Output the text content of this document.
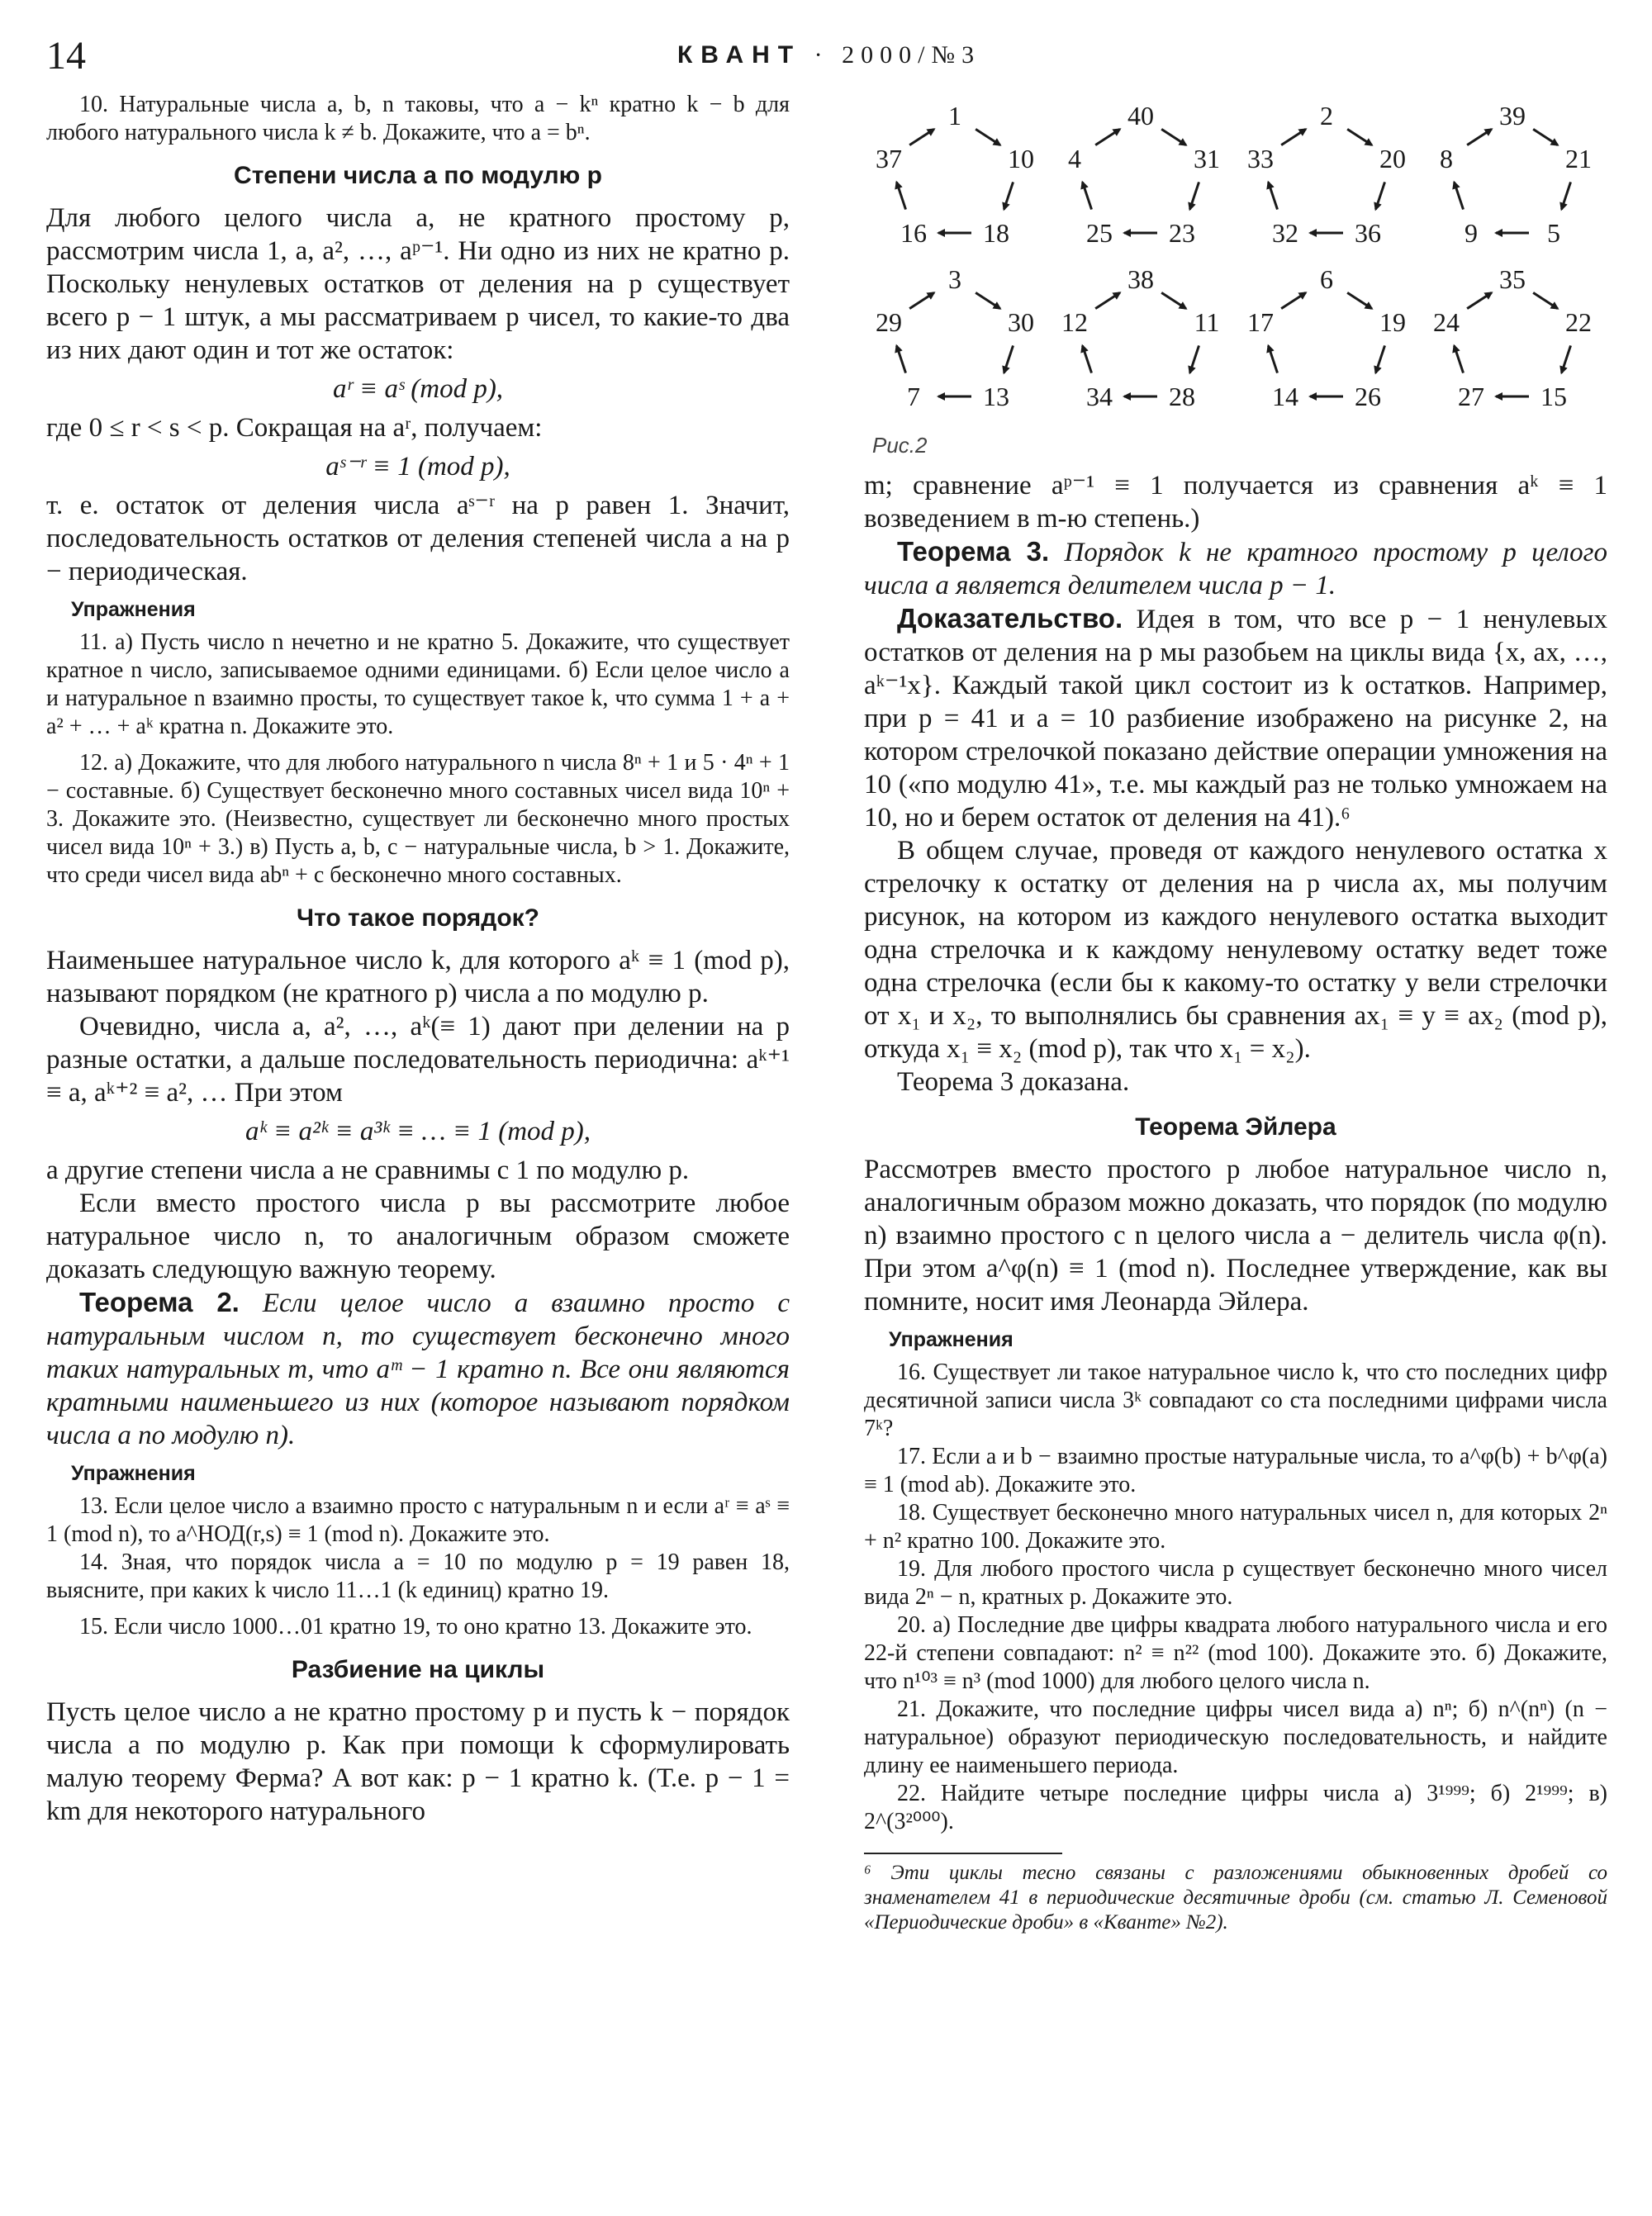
14	КВАНТ · 2000/№3

10. Натуральные числа a, b, n таковы, что a − kⁿ кратно k − b для любого натурального числа k ≠ b. Докажите, что a = bⁿ.

Степени числа a по модулю p

Для любого целого числа a, не кратного простому p, рассмотрим числа 1, a, a², …, aᵖ⁻¹. Ни одно из них не кратно p. Поскольку ненулевых остатков от деления на p существует всего p − 1 штук, а мы рассматриваем p чисел, то какие-то два из них дают один и тот же остаток:

aʳ ≡ aˢ (mod p),

где 0 ≤ r < s < p. Сокращая на aʳ, получаем:

aˢ⁻ʳ ≡ 1 (mod p),

т. е. остаток от деления числа aˢ⁻ʳ на p равен 1. Значит, последовательность остатков от деления степеней числа a на p − периодическая.

Упражнения

11. а) Пусть число n нечетно и не кратно 5. Докажите, что существует кратное n число, записываемое одними единицами. б) Если целое число a и натуральное n взаимно просты, то существует такое k, что сумма 1 + a + a² + … + aᵏ кратна n. Докажите это.

12. а) Докажите, что для любого натурального n числа 8ⁿ + 1 и 5 · 4ⁿ + 1 − составные. б) Существует бесконечно много составных чисел вида 10ⁿ + 3. Докажите это. (Неизвестно, существует ли бесконечно много простых чисел вида 10ⁿ + 3.) в) Пусть a, b, c − натуральные числа, b > 1. Докажите, что среди чисел вида abⁿ + c бесконечно много составных.

Что такое порядок?

Наименьшее натуральное число k, для которого aᵏ ≡ 1 (mod p), называют порядком (не кратного p) числа a по модулю p.

Очевидно, числа a, a², …, aᵏ(≡ 1) дают при делении на p разные остатки, а дальше последовательность периодична: aᵏ⁺¹ ≡ a, aᵏ⁺² ≡ a², … При этом

aᵏ ≡ a²ᵏ ≡ a³ᵏ ≡ … ≡ 1 (mod p),

а другие степени числа a не сравнимы с 1 по модулю p.

Если вместо простого числа p вы рассмотрите любое натуральное число n, то аналогичным образом сможете доказать следующую важную теорему.

Теорема 2. Если целое число a взаимно просто с натуральным числом n, то существует бесконечно много таких натуральных m, что aᵐ − 1 кратно n. Все они являются кратными наименьшего из них (которое называют порядком числа a по модулю n).

Упражнения

13. Если целое число a взаимно просто с натуральным n и если aʳ ≡ aˢ ≡ 1 (mod n), то a^НОД(r,s) ≡ 1 (mod n). Докажите это.

14. Зная, что порядок числа a = 10 по модулю p = 19 равен 18, выясните, при каких k число 11…1 (k единиц) кратно 19.

15. Если число 1000…01 кратно 19, то оно кратно 13. Докажите это.

Разбиение на циклы

Пусть целое число a не кратно простому p и пусть k − порядок числа a по модулю p. Как при помощи k сформулировать малую теорему Ферма? А вот как: p − 1 кратно k. (Т.е. p − 1 = km для некоторого натурального

1
10
18
16
37
40
31
23
25
4
2
20
36
32
33
39
21
5
9
8
3
30
13
7
29
38
11
28
34
12
6
19
26
14
17
35
22
15
27
24
Рис.2

m; сравнение aᵖ⁻¹ ≡ 1 получается из сравнения aᵏ ≡ 1 возведением в m-ю степень.)

Теорема 3. Порядок k не кратного простому p целого числа a является делителем числа p − 1.

Доказательство. Идея в том, что все p − 1 ненулевых остатков от деления на p мы разобьем на циклы вида {x, ax, …, aᵏ⁻¹x}. Каждый такой цикл состоит из k остатков. Например, при p = 41 и a = 10 разбиение изображено на рисунке 2, на котором стрелочкой показано действие операции умножения на 10 («по модулю 41», т.е. мы каждый раз не только умножаем на 10, но и берем остаток от деления на 41).⁶

В общем случае, проведя от каждого ненулевого остатка x стрелочку к остатку от деления на p числа ax, мы получим рисунок, на котором из каждого ненулевого остатка выходит одна стрелочка и к каждому ненулевому остатку ведет тоже одна стрелочка (если бы к какому-то остатку y вели стрелочки от x₁ и x₂, то выполнялись бы сравнения ax₁ ≡ y ≡ ax₂ (mod p), откуда x₁ ≡ x₂ (mod p), так что x₁ = x₂).

Теорема 3 доказана.

Теорема Эйлера

Рассмотрев вместо простого p любое натуральное число n, аналогичным образом можно доказать, что порядок (по модулю n) взаимно простого с n целого числа a − делитель числа φ(n). При этом a^φ(n) ≡ 1 (mod n). Последнее утверждение, как вы помните, носит имя Леонарда Эйлера.

Упражнения

16. Существует ли такое натуральное число k, что сто последних цифр десятичной записи числа 3ᵏ совпадают со ста последними цифрами числа 7ᵏ?

17. Если a и b − взаимно простые натуральные числа, то a^φ(b) + b^φ(a) ≡ 1 (mod ab). Докажите это.

18. Существует бесконечно много натуральных чисел n, для которых 2ⁿ + n² кратно 100. Докажите это.

19. Для любого простого числа p существует бесконечно много чисел вида 2ⁿ − n, кратных p. Докажите это.

20. а) Последние две цифры квадрата любого натурального числа и его 22-й степени совпадают: n² ≡ n²² (mod 100). Докажите это. б) Докажите, что n¹⁰³ ≡ n³ (mod 1000) для любого целого числа n.

21. Докажите, что последние цифры чисел вида а) nⁿ; б) n^(nⁿ) (n − натуральное) образуют периодическую последовательность, и найдите длину ее наименьшего периода.

22. Найдите четыре последние цифры числа а) 3¹⁹⁹⁹; б) 2¹⁹⁹⁹; в) 2^(3²⁰⁰⁰).

⁶ Эти циклы тесно связаны с разложениями обыкновенных дробей со знаменателем 41 в периодические десятичные дроби (см. статью Л. Семеновой «Периодические дроби» в «Кванте» №2).
